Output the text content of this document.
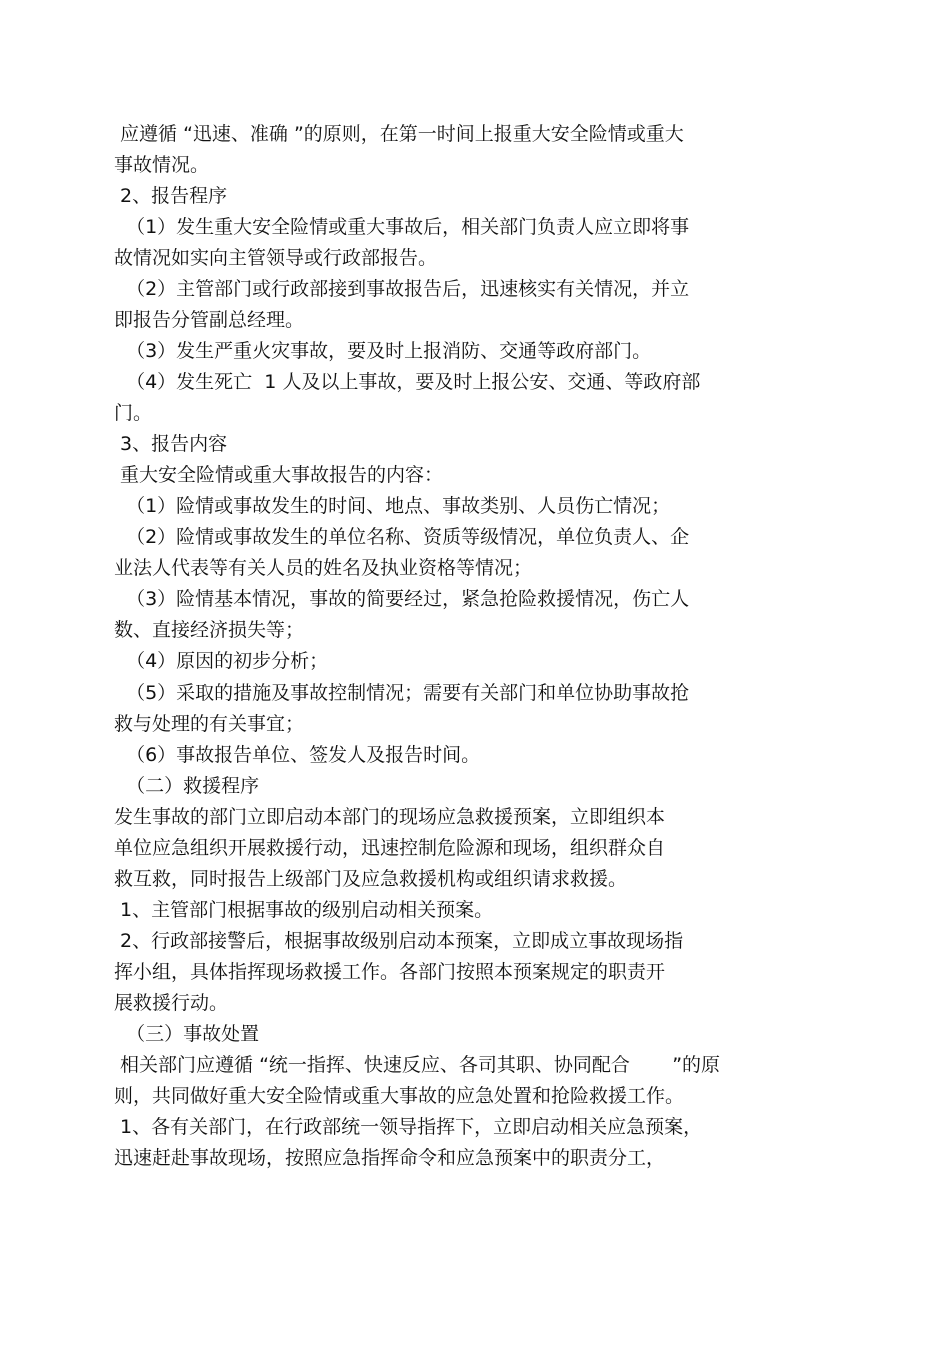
应遵循 “迅速、准确 ”的原则，在第一时间上报重大安全险情或重大
事故情况。
2、报告程序
（1）发生重大安全险情或重大事故后，相关部门负责人应立即将事
故情况如实向主管领导或行政部报告。
（2）主管部门或行政部接到事故报告后，迅速核实有关情况，并立
即报告分管副总经理。
（3）发生严重火灾事故，要及时上报消防、交通等政府部门。
（4）发生死亡  1 人及以上事故，要及时上报公安、交通、等政府部
门。
3、报告内容
重大安全险情或重大事故报告的内容：
（1）险情或事故发生的时间、地点、事故类别、人员伤亡情况；
（2）险情或事故发生的单位名称、资质等级情况，单位负责人、企
业法人代表等有关人员的姓名及执业资格等情况；
（3）险情基本情况，事故的简要经过，紧急抢险救援情况，伤亡人
数、直接经济损失等；
（4）原因的初步分析；
（5）采取的措施及事故控制情况；需要有关部门和单位协助事故抢
救与处理的有关事宜；
（6）事故报告单位、签发人及报告时间。
（二）救援程序
发生事故的部门立即启动本部门的现场应急救援预案，立即组织本
单位应急组织开展救援行动，迅速控制危险源和现场，组织群众自
救互救，同时报告上级部门及应急救援机构或组织请求救援。
1、主管部门根据事故的级别启动相关预案。
2、行政部接警后，根据事故级别启动本预案，立即成立事故现场指
挥小组，具体指挥现场救援工作。各部门按照本预案规定的职责开
展救援行动。
（三）事故处置
相关部门应遵循 “统一指挥、快速反应、各司其职、协同配合       ”的原
则，共同做好重大安全险情或重大事故的应急处置和抢险救援工作。
1、各有关部门，在行政部统一领导指挥下，立即启动相关应急预案，
迅速赶赴事故现场，按照应急指挥命令和应急预案中的职责分工，
